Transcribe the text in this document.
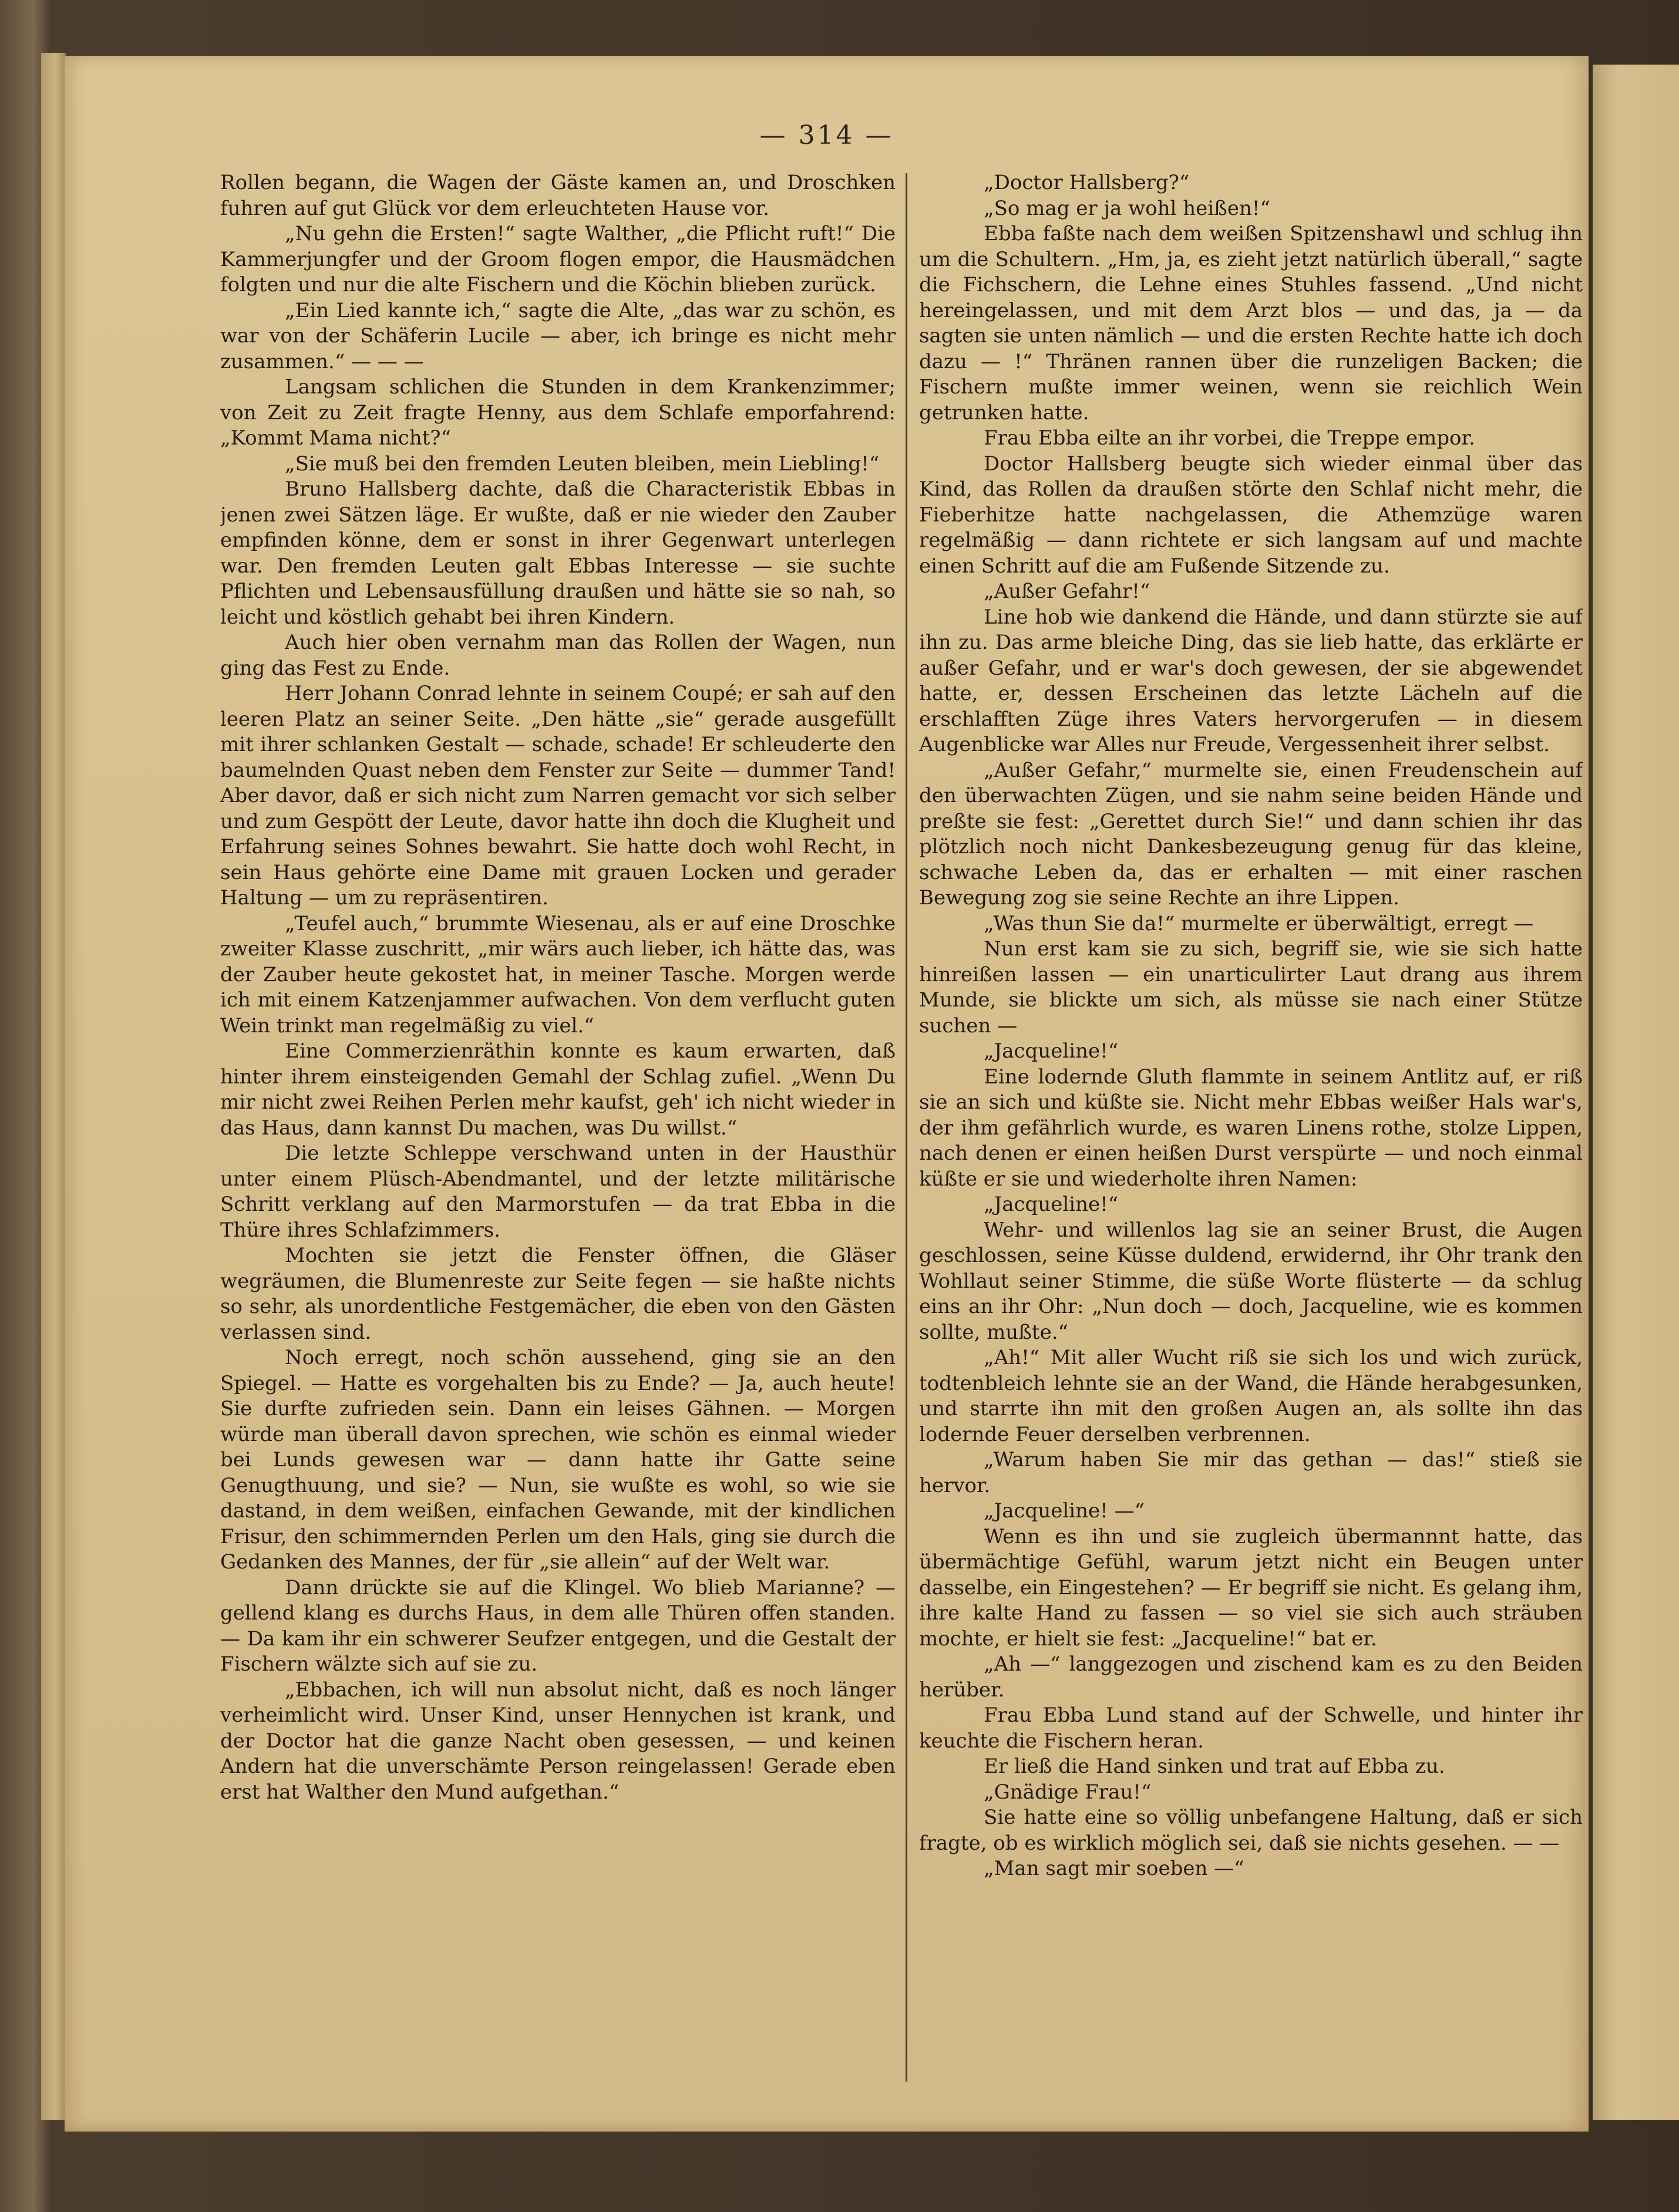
— 314 —

Rollen begann, die Wagen der Gäste kamen an, und Droschken fuhren auf gut Glück vor dem erleuchteten Hause vor.

„Nu gehn die Ersten!“ sagte Walther, „die Pflicht ruft!“ Die Kammerjungfer und der Groom flogen empor, die Hausmädchen folgten und nur die alte Fischern und die Köchin blieben zurück.

„Ein Lied kannte ich,“ sagte die Alte, „das war zu schön, es war von der Schäferin Lucile — aber, ich bringe es nicht mehr zusammen.“ — — —

Langsam schlichen die Stunden in dem Krankenzimmer; von Zeit zu Zeit fragte Henny, aus dem Schlafe emporfahrend: „Kommt Mama nicht?“

„Sie muß bei den fremden Leuten bleiben, mein Liebling!“

Bruno Hallsberg dachte, daß die Characteristik Ebbas in jenen zwei Sätzen läge. Er wußte, daß er nie wieder den Zauber empfinden könne, dem er sonst in ihrer Gegenwart unterlegen war. Den fremden Leuten galt Ebbas Interesse — sie suchte Pflichten und Lebensausfüllung draußen und hätte sie so nah, so leicht und köstlich gehabt bei ihren Kindern.

Auch hier oben vernahm man das Rollen der Wagen, nun ging das Fest zu Ende.

Herr Johann Conrad lehnte in seinem Coupé; er sah auf den leeren Platz an seiner Seite. „Den hätte „sie“ gerade ausgefüllt mit ihrer schlanken Gestalt — schade, schade! Er schleuderte den baumelnden Quast neben dem Fenster zur Seite — dummer Tand! Aber davor, daß er sich nicht zum Narren gemacht vor sich selber und zum Gespött der Leute, davor hatte ihn doch die Klugheit und Erfahrung seines Sohnes bewahrt. Sie hatte doch wohl Recht, in sein Haus gehörte eine Dame mit grauen Locken und gerader Haltung — um zu repräsentiren.

„Teufel auch,“ brummte Wiesenau, als er auf eine Droschke zweiter Klasse zuschritt, „mir wärs auch lieber, ich hätte das, was der Zauber heute gekostet hat, in meiner Tasche. Morgen werde ich mit einem Katzenjammer aufwachen. Von dem verflucht guten Wein trinkt man regelmäßig zu viel.“

Eine Commerzienräthin konnte es kaum erwarten, daß hinter ihrem einsteigenden Gemahl der Schlag zufiel. „Wenn Du mir nicht zwei Reihen Perlen mehr kaufst, geh' ich nicht wieder in das Haus, dann kannst Du machen, was Du willst.“

Die letzte Schleppe verschwand unten in der Hausthür unter einem Plüsch-Abendmantel, und der letzte militärische Schritt verklang auf den Marmorstufen — da trat Ebba in die Thüre ihres Schlafzimmers.

Mochten sie jetzt die Fenster öffnen, die Gläser wegräumen, die Blumenreste zur Seite fegen — sie haßte nichts so sehr, als unordentliche Festgemächer, die eben von den Gästen verlassen sind.

Noch erregt, noch schön aussehend, ging sie an den Spiegel. — Hatte es vorgehalten bis zu Ende? — Ja, auch heute! Sie durfte zufrieden sein. Dann ein leises Gähnen. — Morgen würde man überall davon sprechen, wie schön es einmal wieder bei Lunds gewesen war — dann hatte ihr Gatte seine Genugthuung, und sie? — Nun, sie wußte es wohl, so wie sie dastand, in dem weißen, einfachen Gewande, mit der kindlichen Frisur, den schimmernden Perlen um den Hals, ging sie durch die Gedanken des Mannes, der für „sie allein“ auf der Welt war.

Dann drückte sie auf die Klingel. Wo blieb Marianne? — gellend klang es durchs Haus, in dem alle Thüren offen standen. — Da kam ihr ein schwerer Seufzer entgegen, und die Gestalt der Fischern wälzte sich auf sie zu.

„Ebbachen, ich will nun absolut nicht, daß es noch länger verheimlicht wird. Unser Kind, unser Hennychen ist krank, und der Doctor hat die ganze Nacht oben gesessen, — und keinen Andern hat die unverschämte Person reingelassen! Gerade eben erst hat Walther den Mund aufgethan.“

„Doctor Hallsberg?“

„So mag er ja wohl heißen!“

Ebba faßte nach dem weißen Spitzenshawl und schlug ihn um die Schultern. „Hm, ja, es zieht jetzt natürlich überall,“ sagte die Fichschern, die Lehne eines Stuhles fassend. „Und nicht hereingelassen, und mit dem Arzt blos — und das, ja — da sagten sie unten nämlich — und die ersten Rechte hatte ich doch dazu — !“ Thränen rannen über die runzeligen Backen; die Fischern mußte immer weinen, wenn sie reichlich Wein getrunken hatte.

Frau Ebba eilte an ihr vorbei, die Treppe empor.

Doctor Hallsberg beugte sich wieder einmal über das Kind, das Rollen da draußen störte den Schlaf nicht mehr, die Fieberhitze hatte nachgelassen, die Athemzüge waren regelmäßig — dann richtete er sich langsam auf und machte einen Schritt auf die am Fußende Sitzende zu.

„Außer Gefahr!“

Line hob wie dankend die Hände, und dann stürzte sie auf ihn zu. Das arme bleiche Ding, das sie lieb hatte, das erklärte er außer Gefahr, und er war's doch gewesen, der sie abgewendet hatte, er, dessen Erscheinen das letzte Lächeln auf die erschlafften Züge ihres Vaters hervorgerufen — in diesem Augenblicke war Alles nur Freude, Vergessenheit ihrer selbst.

„Außer Gefahr,“ murmelte sie, einen Freudenschein auf den überwachten Zügen, und sie nahm seine beiden Hände und preßte sie fest: „Gerettet durch Sie!“ und dann schien ihr das plötzlich noch nicht Dankesbezeugung genug für das kleine, schwache Leben da, das er erhalten — mit einer raschen Bewegung zog sie seine Rechte an ihre Lippen.

„Was thun Sie da!“ murmelte er überwältigt, erregt —

Nun erst kam sie zu sich, begriff sie, wie sie sich hatte hinreißen lassen — ein unarticulirter Laut drang aus ihrem Munde, sie blickte um sich, als müsse sie nach einer Stütze suchen —

„Jacqueline!“

Eine lodernde Gluth flammte in seinem Antlitz auf, er riß sie an sich und küßte sie. Nicht mehr Ebbas weißer Hals war's, der ihm gefährlich wurde, es waren Linens rothe, stolze Lippen, nach denen er einen heißen Durst verspürte — und noch einmal küßte er sie und wiederholte ihren Namen:

„Jacqueline!“

Wehr- und willenlos lag sie an seiner Brust, die Augen geschlossen, seine Küsse duldend, erwidernd, ihr Ohr trank den Wohllaut seiner Stimme, die süße Worte flüsterte — da schlug eins an ihr Ohr: „Nun doch — doch, Jacqueline, wie es kommen sollte, mußte.“

„Ah!“ Mit aller Wucht riß sie sich los und wich zurück, todtenbleich lehnte sie an der Wand, die Hände herabgesunken, und starrte ihn mit den großen Augen an, als sollte ihn das lodernde Feuer derselben verbrennen.

„Warum haben Sie mir das gethan — das!“ stieß sie hervor.

„Jacqueline! —“

Wenn es ihn und sie zugleich übermannnt hatte, das übermächtige Gefühl, warum jetzt nicht ein Beugen unter dasselbe, ein Eingestehen? — Er begriff sie nicht. Es gelang ihm, ihre kalte Hand zu fassen — so viel sie sich auch sträuben mochte, er hielt sie fest: „Jacqueline!“ bat er.

„Ah —“ langgezogen und zischend kam es zu den Beiden herüber.

Frau Ebba Lund stand auf der Schwelle, und hinter ihr keuchte die Fischern heran.

Er ließ die Hand sinken und trat auf Ebba zu.

„Gnädige Frau!“

Sie hatte eine so völlig unbefangene Haltung, daß er sich fragte, ob es wirklich möglich sei, daß sie nichts gesehen. — —

„Man sagt mir soeben —“
